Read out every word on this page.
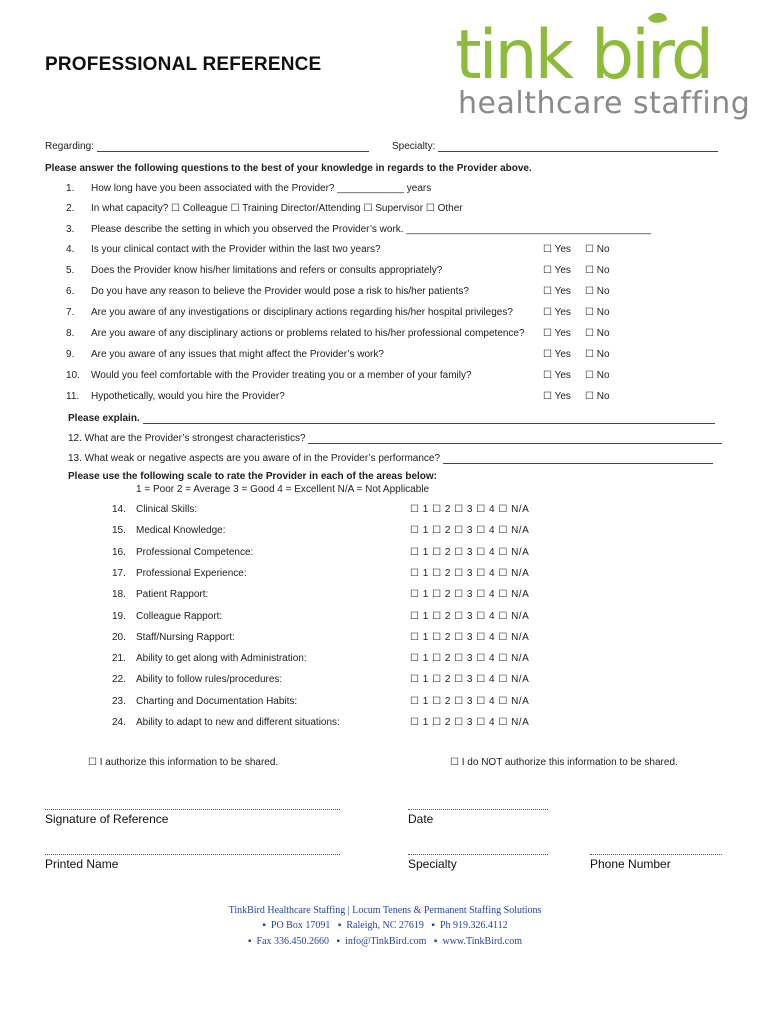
PROFESSIONAL REFERENCE tink bird
healthcare staffing
Regarding:	Specialty:
Please answer the following questions to the best of your knowledge in regards to the Provider above.
1. How long have you been associated with the Provider? ____________ years
2. In what capacity? ☐ Colleague ☐ Training Director/Attending ☐ Supervisor ☐ Other
3. Please describe the setting in which you observed the Provider’s work. ____________________________________________
4. Is your clinical contact with the Provider within the last two years?	☐ Yes ☐ No
5. Does the Provider know his/her limitations and refers or consults appropriately?	☐ Yes ☐ No
6. Do you have any reason to believe the Provider would pose a risk to his/her patients?	☐ Yes ☐ No
7. Are you aware of any investigations or disciplinary actions regarding his/her hospital privileges?	☐ Yes ☐ No
8. Are you aware of any disciplinary actions or problems related to his/her professional competence? ☐ Yes ☐ No
9. Are you aware of any issues that might affect the Provider’s work?	☐ Yes ☐ No
10. Would you feel comfortable with the Provider treating you or a member of your family?	☐ Yes ☐ No
11. Hypothetically, would you hire the Provider?	☐ Yes ☐ No
Please explain.
12. What are the Provider’s strongest characteristics?
13. What weak or negative aspects are you aware of in the Provider’s performance?
Please use the following scale to rate the Provider in each of the areas below:
1 = Poor 2 = Average 3 = Good 4 = Excellent N/A = Not Applicable
14. Clinical Skills:	☐ 1 ☐ 2 ☐ 3 ☐ 4 ☐ N/A
15. Medical Knowledge:	☐ 1 ☐ 2 ☐ 3 ☐ 4 ☐ N/A
16. Professional Competence:	☐ 1 ☐ 2 ☐ 3 ☐ 4 ☐ N/A
17. Professional Experience:	☐ 1 ☐ 2 ☐ 3 ☐ 4 ☐ N/A
18. Patient Rapport:	☐ 1 ☐ 2 ☐ 3 ☐ 4 ☐ N/A
19. Colleague Rapport:	☐ 1 ☐ 2 ☐ 3 ☐ 4 ☐ N/A
20. Staff/Nursing Rapport:	☐ 1 ☐ 2 ☐ 3 ☐ 4 ☐ N/A
21. Ability to get along with Administration:	☐ 1 ☐ 2 ☐ 3 ☐ 4 ☐ N/A
22. Ability to follow rules/procedures:	☐ 1 ☐ 2 ☐ 3 ☐ 4 ☐ N/A
23. Charting and Documentation Habits:	☐ 1 ☐ 2 ☐ 3 ☐ 4 ☐ N/A
24. Ability to adapt to new and different situations:	☐ 1 ☐ 2 ☐ 3 ☐ 4 ☐ N/A
☐ I authorize this information to be shared.	☐ I do NOT authorize this information to be shared.
Signature of Reference	Date
Printed Name	Specialty	Phone Number
TinkBird Healthcare Staffing | Locum Tenens & Permanent Staffing Solutions
▪ PO Box 17091 ▪ Raleigh, NC 27619 ▪ Ph 919.326.4112
▪ Fax 336.450.2660 ▪ info@TinkBird.com ▪ www.TinkBird.com
